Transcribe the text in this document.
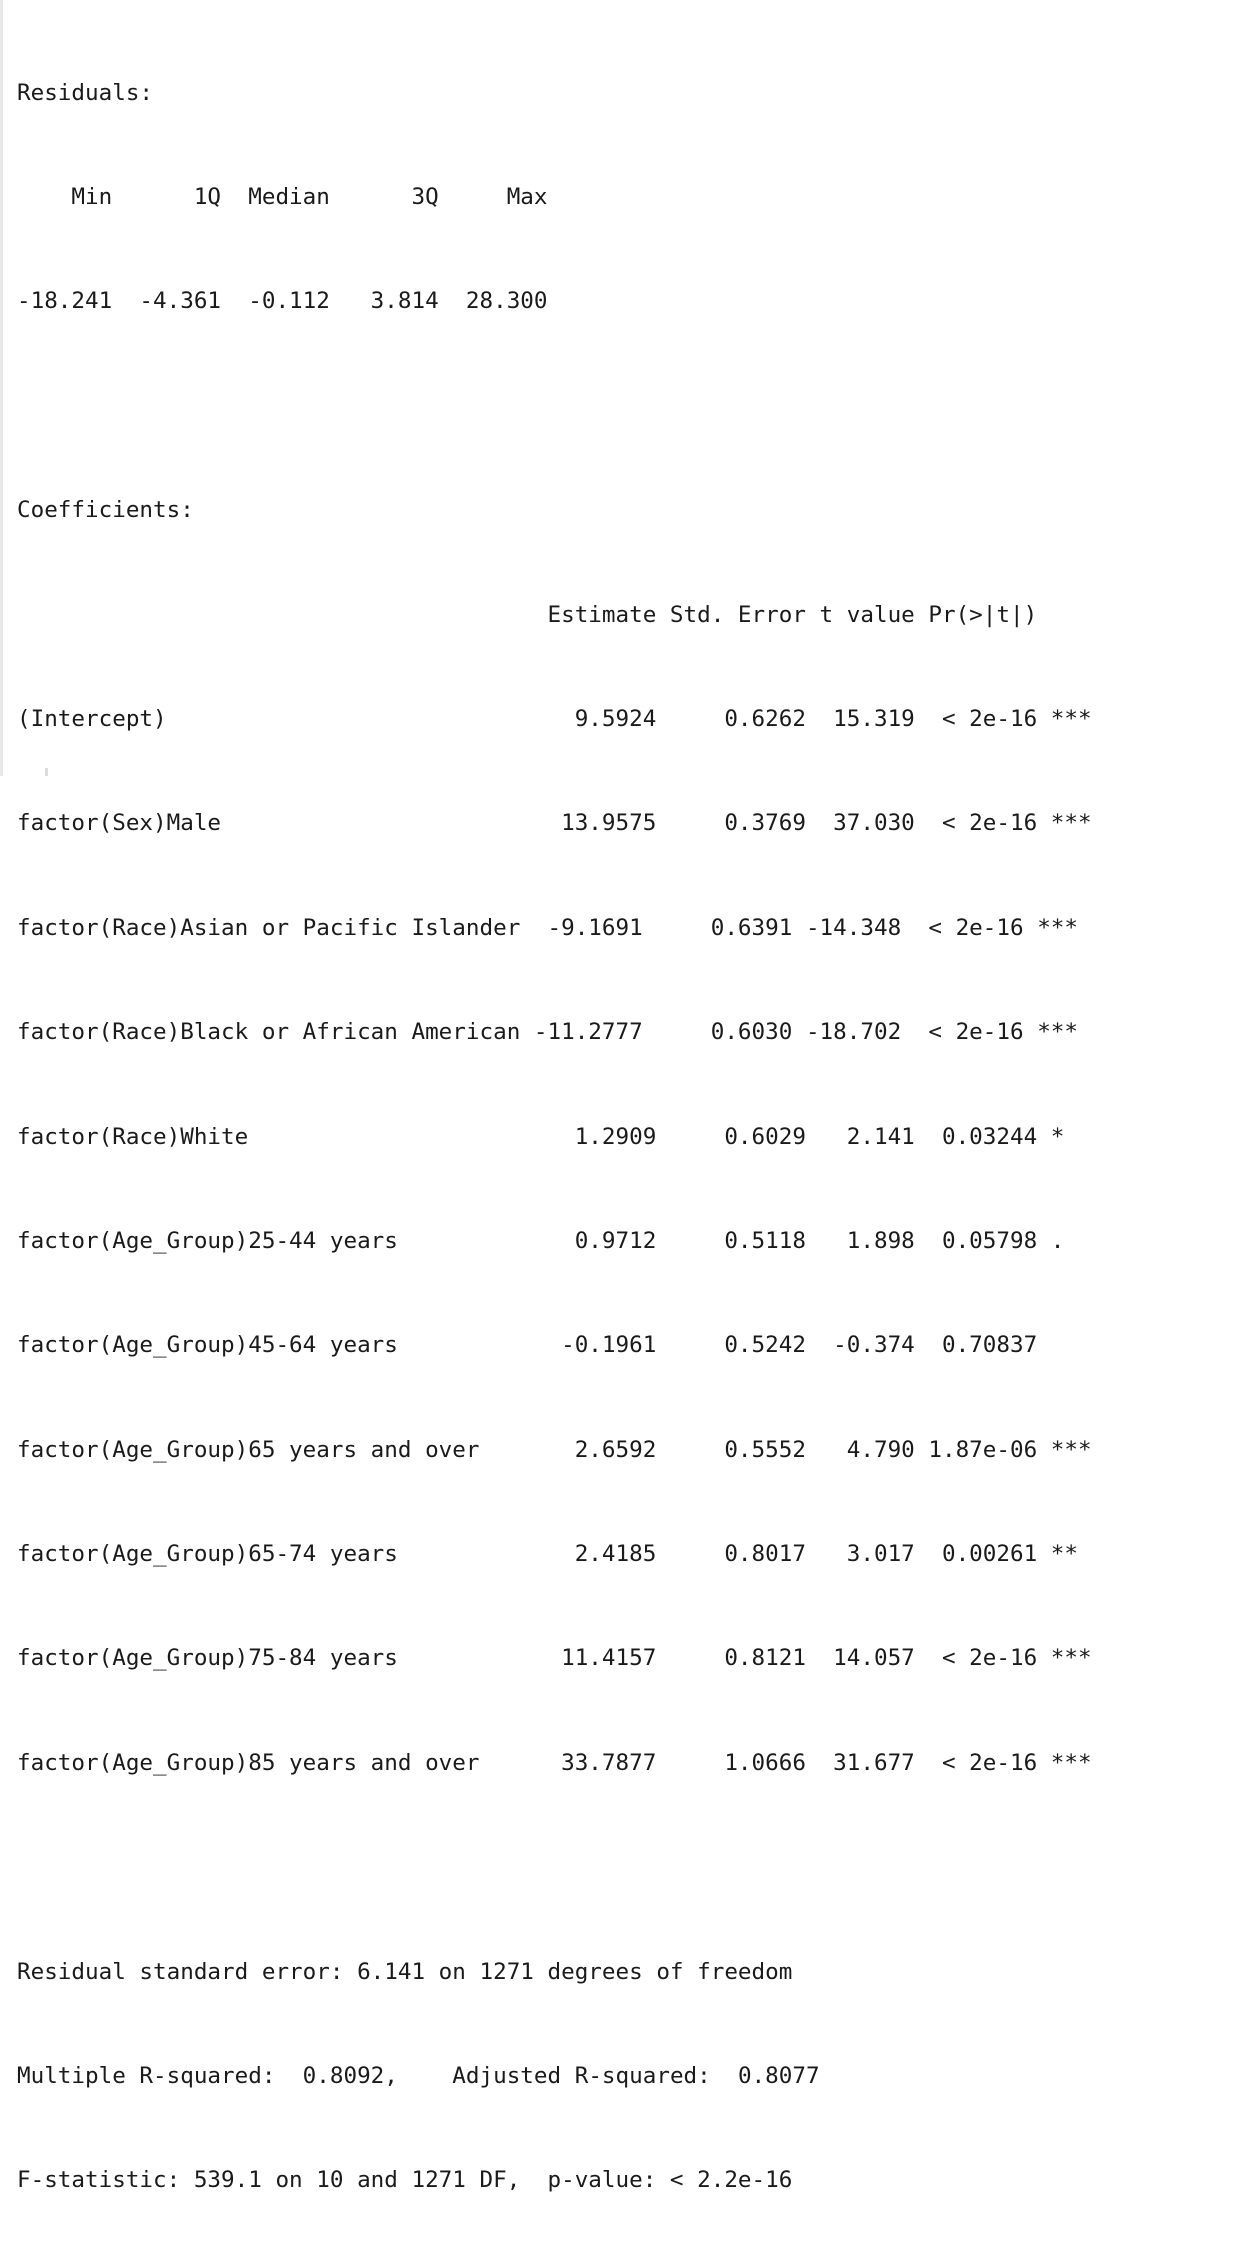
Residuals:

Min      1Q  Median      3Q     Max

-18.241  -4.361  -0.112   3.814  28.300

Coefficients:

Estimate Std. Error t value Pr(>|t|)

(Intercept)                              9.5924     0.6262  15.319  < 2e-16 ***

factor(Sex)Male                         13.9575     0.3769  37.030  < 2e-16 ***

factor(Race)Asian or Pacific Islander  -9.1691     0.6391 -14.348  < 2e-16 ***

factor(Race)Black or African American -11.2777     0.6030 -18.702  < 2e-16 ***

factor(Race)White                        1.2909     0.6029   2.141  0.03244 *

factor(Age_Group)25-44 years             0.9712     0.5118   1.898  0.05798 .

factor(Age_Group)45-64 years            -0.1961     0.5242  -0.374  0.70837

factor(Age_Group)65 years and over       2.6592     0.5552   4.790 1.87e-06 ***

factor(Age_Group)65-74 years             2.4185     0.8017   3.017  0.00261 **

factor(Age_Group)75-84 years            11.4157     0.8121  14.057  < 2e-16 ***

factor(Age_Group)85 years and over      33.7877     1.0666  31.677  < 2e-16 ***

Residual standard error: 6.141 on 1271 degrees of freedom

Multiple R-squared:  0.8092,	Adjusted R-squared:  0.8077

F-statistic: 539.1 on 10 and 1271 DF,  p-value: < 2.2e-16
